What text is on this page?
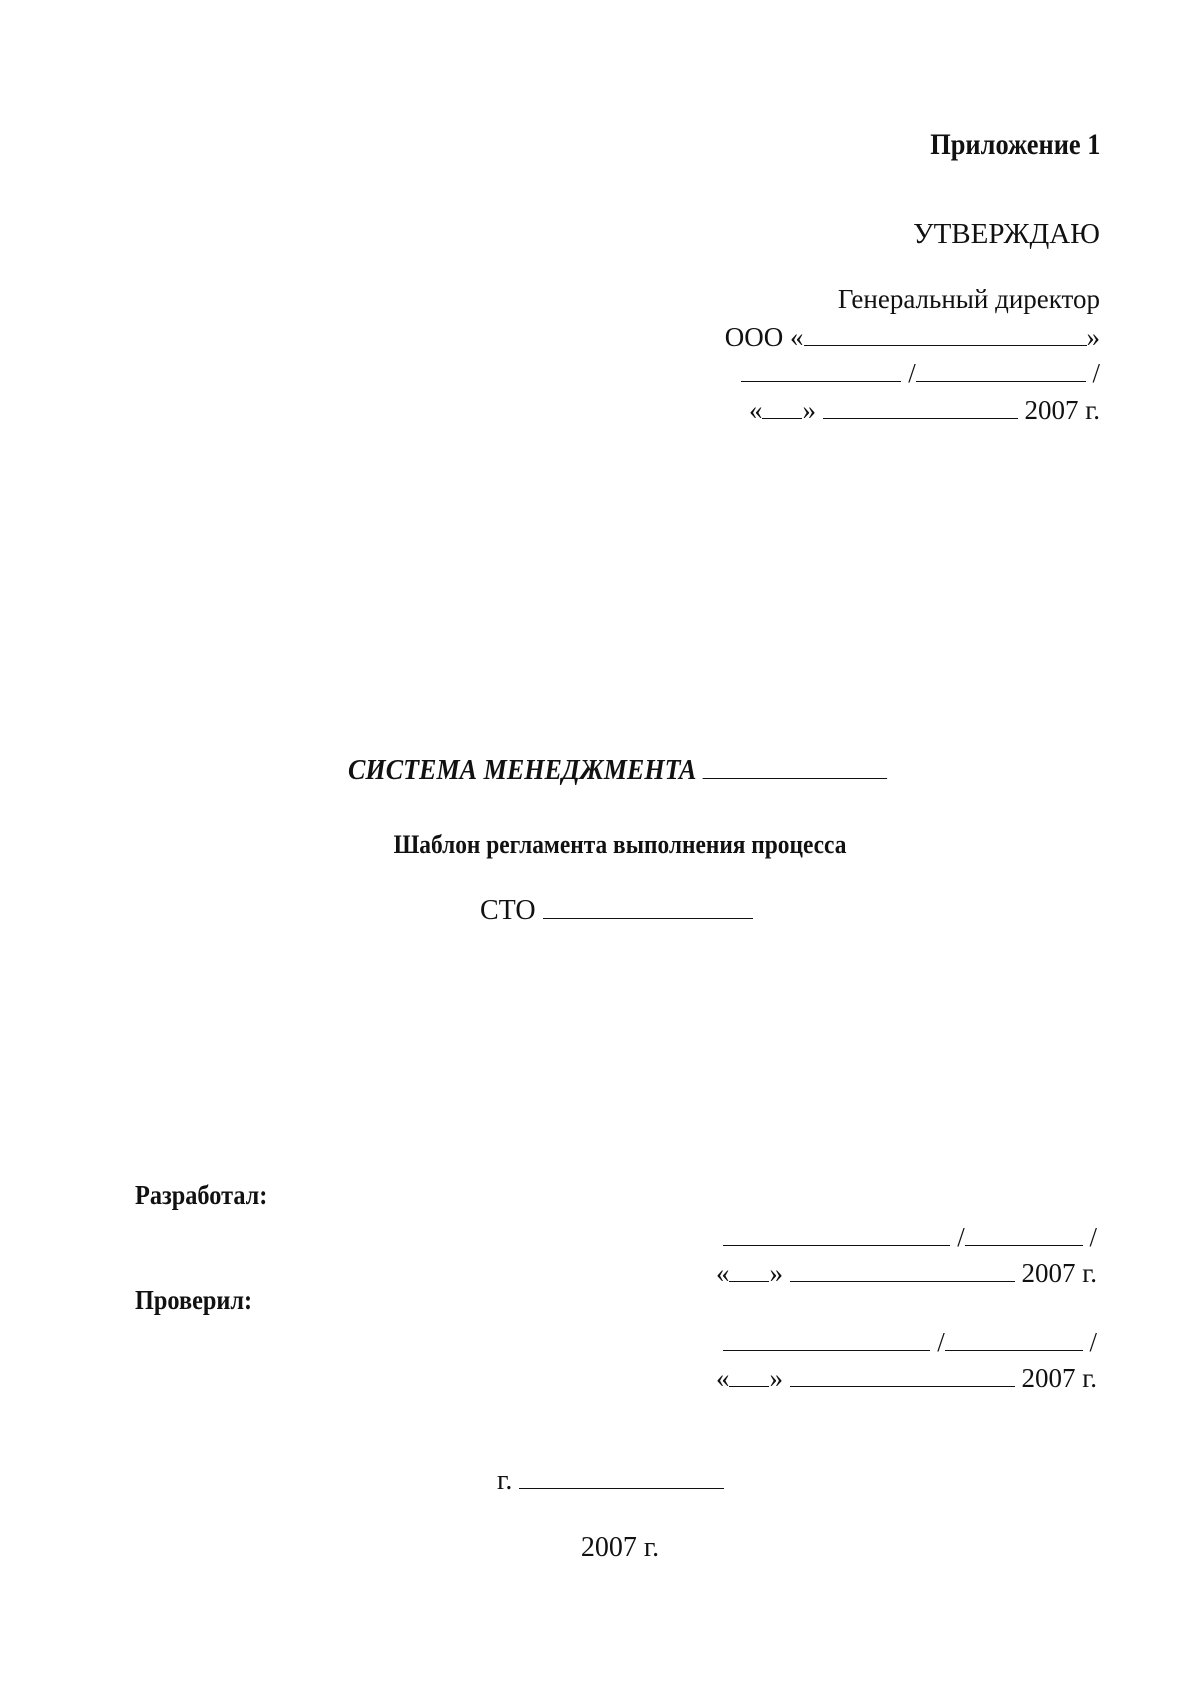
Приложение 1
УТВЕРЖДАЮ
Генеральный директор
ООО «	»
/	/
« »	2007 г.
СИСТЕМА МЕНЕДЖМЕНТА
Шаблон регламента выполнения процесса
СТО
Разработал:
/	/
« »	2007 г.
Проверил:
/	/
« »	2007 г.
г.
2007 г.
